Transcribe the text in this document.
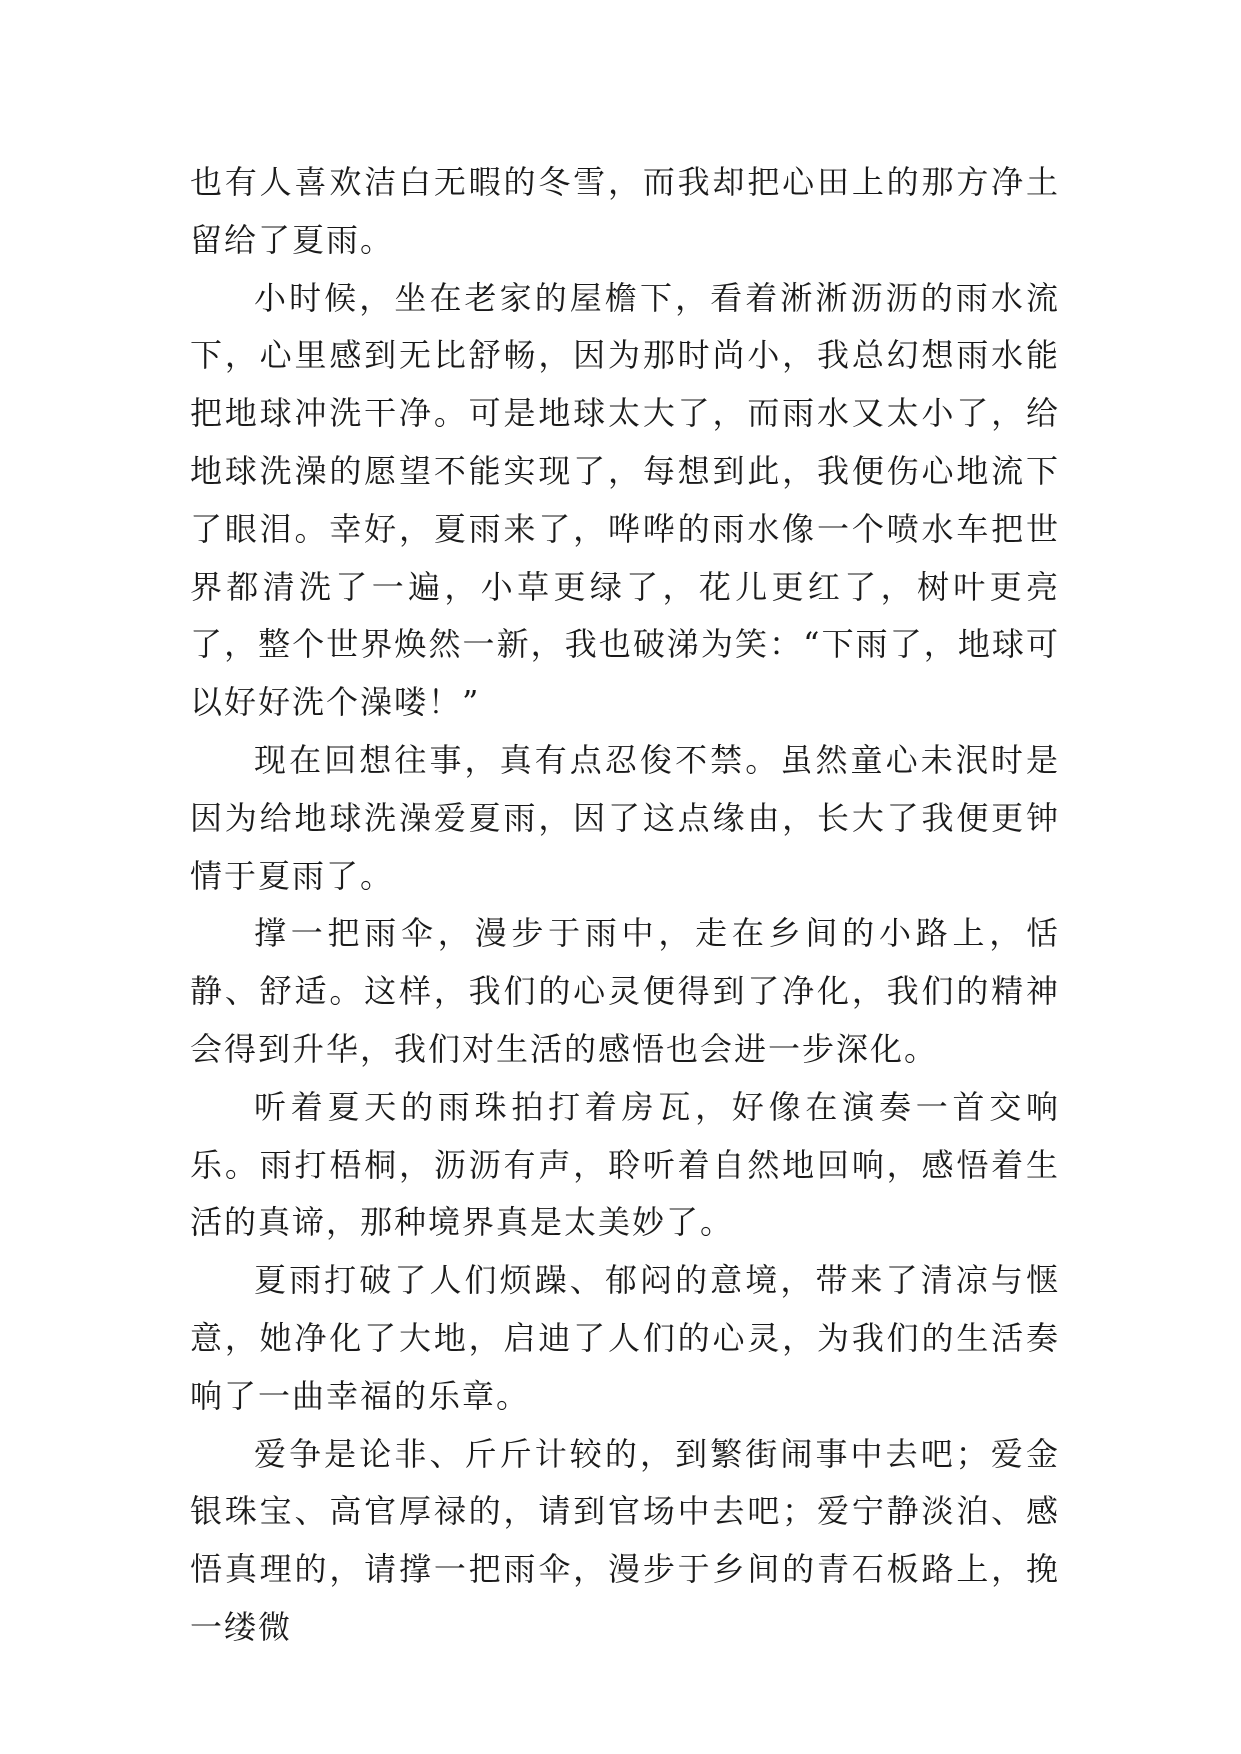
也有人喜欢洁白无暇的冬雪，而我却把心田上的那方净土留给了夏雨。

小时候，坐在老家的屋檐下，看着淅淅沥沥的雨水流下，心里感到无比舒畅，因为那时尚小，我总幻想雨水能把地球冲洗干净。可是地球太大了，而雨水又太小了，给地球洗澡的愿望不能实现了，每想到此，我便伤心地流下了眼泪。幸好，夏雨来了，哗哗的雨水像一个喷水车把世界都清洗了一遍，小草更绿了，花儿更红了，树叶更亮了，整个世界焕然一新，我也破涕为笑：“下雨了，地球可以好好洗个澡喽！”

现在回想往事，真有点忍俊不禁。虽然童心未泯时是因为给地球洗澡爱夏雨，因了这点缘由，长大了我便更钟情于夏雨了。

撑一把雨伞，漫步于雨中，走在乡间的小路上，恬静、舒适。这样，我们的心灵便得到了净化，我们的精神会得到升华，我们对生活的感悟也会进一步深化。

听着夏天的雨珠拍打着房瓦，好像在演奏一首交响乐。雨打梧桐，沥沥有声，聆听着自然地回响，感悟着生活的真谛，那种境界真是太美妙了。

夏雨打破了人们烦躁、郁闷的意境，带来了清凉与惬意，她净化了大地，启迪了人们的心灵，为我们的生活奏响了一曲幸福的乐章。

爱争是论非、斤斤计较的，到繁街闹事中去吧；爱金银珠宝、高官厚禄的，请到官场中去吧；爱宁静淡泊、感悟真理的，请撑一把雨伞，漫步于乡间的青石板路上，挽一缕微
